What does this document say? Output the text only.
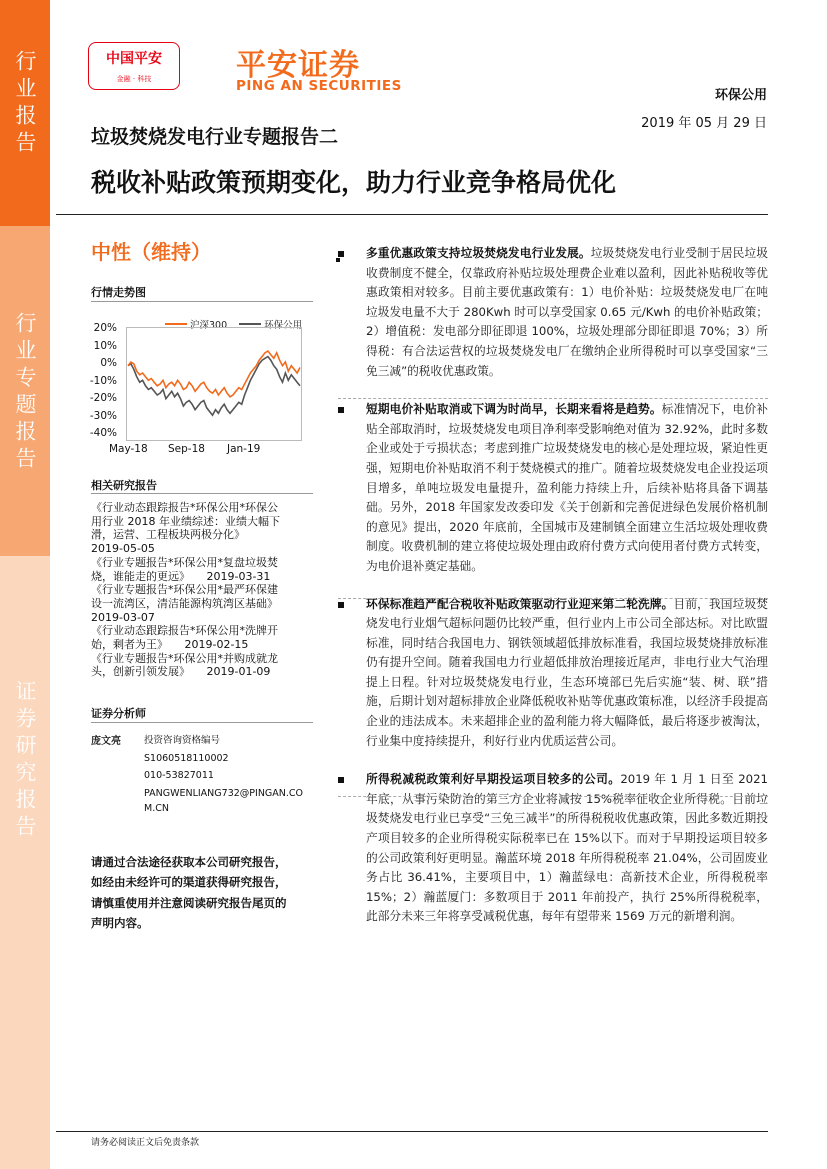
行业报告
行业专题报告
证券研究报告
中国平安
金融 · 科技	平安证券
PING AN SECURITIES
环保公用
2019 年 05 月 29 日
垃圾焚烧发电行业专题报告二
税收补贴政策预期变化，助力行业竞争格局优化
中性（维持）
行情走势图
沪深300	环保公用
20%
10%
0%
-10%
-20%
-30%
-40%
May-18 Sep-18 Jan-19
相关研究报告

《行业动态跟踪报告*环保公用*环保公

用行业 2018 年业绩综述：业绩大幅下

滑，运营、工程板块两极分化》

2019-05-05

《行业专题报告*环保公用*复盘垃圾焚

烧，谁能走的更远》　　2019-03-31

《行业专题报告*环保公用*最严环保建

设一流湾区，清洁能源构筑湾区基础》

2019-03-07

《行业动态跟踪报告*环保公用*洗牌开

始，剩者为王》　　2019-02-15

《行业专题报告*环保公用*并购成就龙

头，创新引领发展》　　2019-01-09

证券分析师
庞文亮 投资咨询资格编号
S1060518110002
010-53827011
PANGWENLIANG732@PINGAN.CO
M.CN
请通过合法途径获取本公司研究报告，如经由未经许可的渠道获得研究报告，请慎重使用并注意阅读研究报告尾页的声明内容。
多重优惠政策支持垃圾焚烧发电行业发展。垃圾焚烧发电行业受制于居民垃圾收费制度不健全，仅靠政府补贴垃圾处理费企业难以盈利，因此补贴税收等优惠政策相对较多。目前主要优惠政策有：1）电价补贴：垃圾焚烧发电厂在吨垃圾发电量不大于 280Kwh 时可以享受国家 0.65 元/Kwh 的电价补贴政策；2）增值税：发电部分即征即退 100%，垃圾处理部分即征即退 70%；3）所得税：有合法运营权的垃圾焚烧发电厂在缴纳企业所得税时可以享受国家“三免三减”的税收优惠政策。
短期电价补贴取消或下调为时尚早，长期来看将是趋势。标准情况下，电价补贴全部取消时，垃圾焚烧发电项目净利率受影响绝对值为 32.92%，此时多数企业或处于亏损状态；考虑到推广垃圾焚烧发电的核心是处理垃圾，紧迫性更强，短期电价补贴取消不利于焚烧模式的推广。随着垃圾焚烧发电企业投运项目增多，单吨垃圾发电量提升，盈利能力持续上升，后续补贴将具备下调基础。另外，2018 年国家发改委印发《关于创新和完善促进绿色发展价格机制的意见》提出，2020 年底前，全国城市及建制镇全面建立生活垃圾处理收费制度。收费机制的建立将使垃圾处理由政府付费方式向使用者付费方式转变，为电价退补奠定基础。
环保标准趋严配合税收补贴政策驱动行业迎来第二轮洗牌。目前，我国垃圾焚烧发电行业烟气超标问题仍比较严重，但行业内上市公司全部达标。对比欧盟标准，同时结合我国电力、钢铁领域超低排放标准看，我国垃圾焚烧排放标准仍有提升空间。随着我国电力行业超低排放治理接近尾声，非电行业大气治理提上日程。针对垃圾焚烧发电行业，生态环境部已先后实施“装、树、联”措施，后期计划对超标排放企业降低税收补贴等优惠政策标准，以经济手段提高企业的违法成本。未来超排企业的盈利能力将大幅降低，最后将逐步被淘汰，行业集中度持续提升，利好行业内优质运营公司。
所得税减税政策利好早期投运项目较多的公司。2019 年 1 月 1 日至 2021 年底，从事污染防治的第三方企业将减按 15%税率征收企业所得税。目前垃圾焚烧发电行业已享受“三免三减半”的所得税税收优惠政策，因此多数近期投产项目较多的企业所得税实际税率已在 15%以下。而对于早期投运项目较多的公司政策利好更明显。瀚蓝环境 2018 年所得税税率 21.04%，公司固废业务占比 36.41%，主要项目中，1）瀚蓝绿电：高新技术企业，所得税税率 15%；2）瀚蓝厦门：多数项目于 2011 年前投产，执行 25%所得税税率，此部分未来三年将享受减税优惠，每年有望带来 1569 万元的新增利润。
请务必阅读正文后免责条款
